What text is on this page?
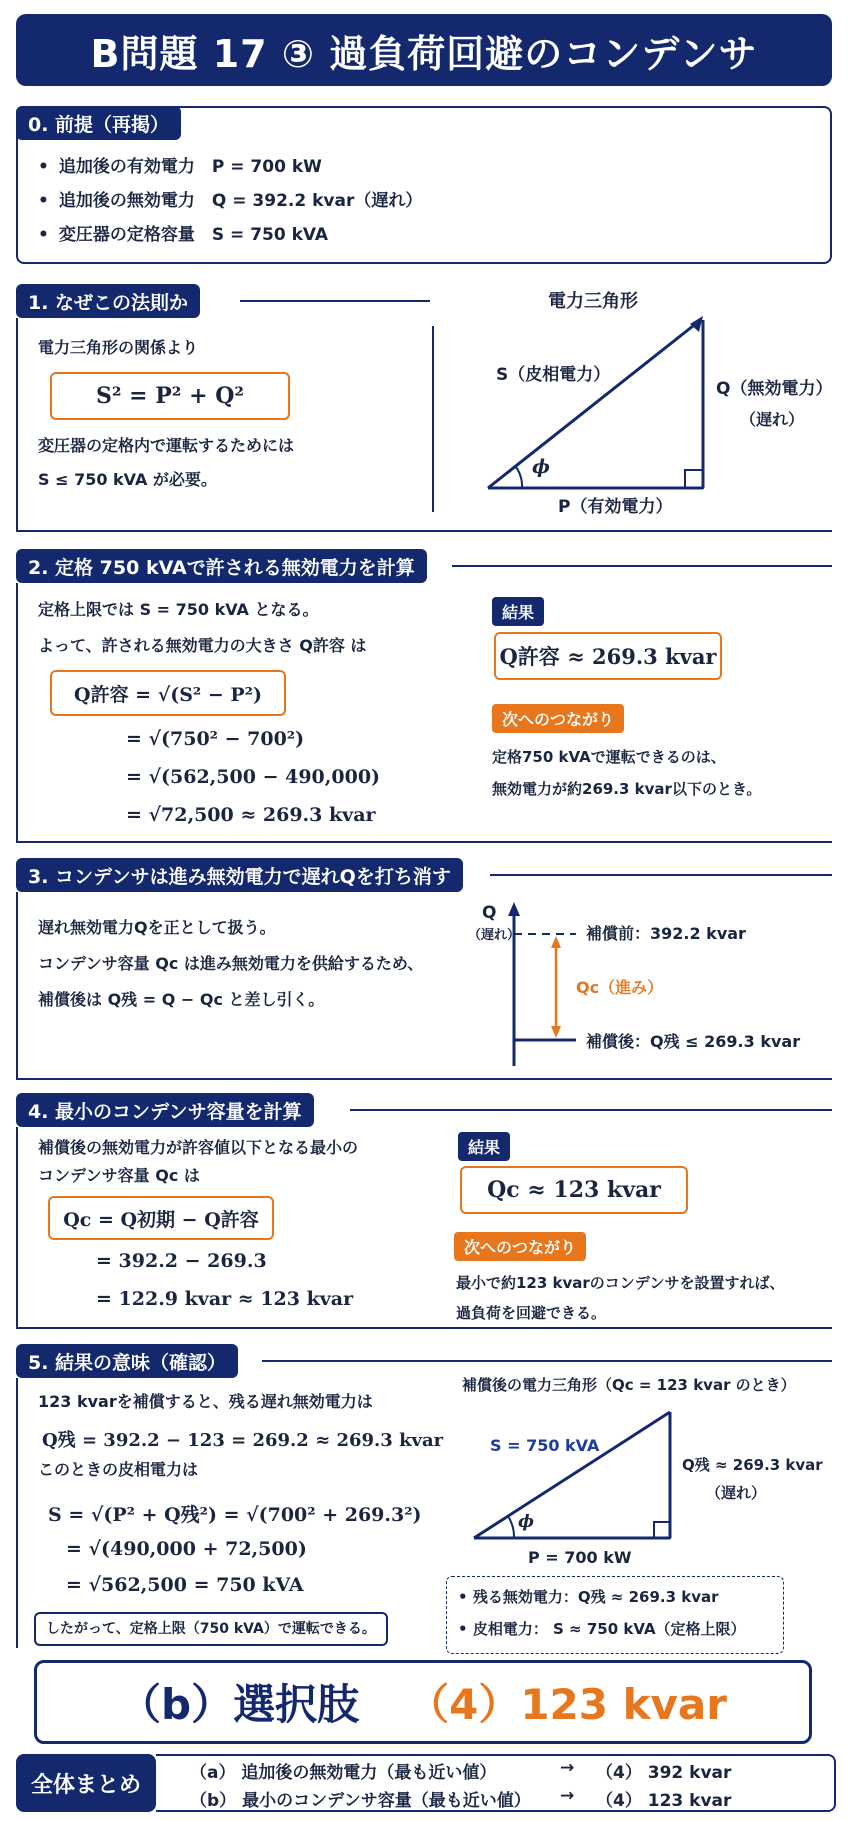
B問題 17 ③ 過負荷回避のコンデンサ
0. 前提（再掲）
• 追加後の有効電力　P = 700 kW
• 追加後の無効電力　Q = 392.2 kvar（遅れ）
• 変圧器の定格容量　S = 750 kVA
1. なぜこの法則か
電力三角形の関係より
S² = P² + Q²
変圧器の定格内で運転するためには
S ≤ 750 kVA が必要。
電力三角形
ϕ
S（皮相電力）
Q（無効電力）
（遅れ）
P（有効電力）
2. 定格 750 kVAで許される無効電力を計算
定格上限では S = 750 kVA となる。
よって、許される無効電力の大きさ Q許容 は
Q許容 = √(S² − P²)
= √(750² − 700²)
= √(562,500 − 490,000)
= √72,500 ≈ 269.3 kvar
結果
Q許容 ≈ 269.3 kvar
次へのつながり
定格750 kVAで運転できるのは、
無効電力が約269.3 kvar以下のとき。
3. コンデンサは進み無効電力で遅れQを打ち消す
遅れ無効電力Qを正として扱う。
コンデンサ容量 Qc は進み無効電力を供給するため、
補償後は Q残 = Q − Qc と差し引く。
Q
（遅れ）	補償前：392.2 kvar
Qc（進み）
補償後：Q残 ≤ 269.3 kvar
4. 最小のコンデンサ容量を計算
補償後の無効電力が許容値以下となる最小の
コンデンサ容量 Qc は
Qc = Q初期 − Q許容
= 392.2 − 269.3
= 122.9 kvar ≈ 123 kvar
結果
Qc ≈ 123 kvar
次へのつながり
最小で約123 kvarのコンデンサを設置すれば、
過負荷を回避できる。
5. 結果の意味（確認）
123 kvarを補償すると、残る遅れ無効電力は
Q残 = 392.2 − 123 = 269.2 ≈ 269.3 kvar
このときの皮相電力は
S = √(P² + Q残²) = √(700² + 269.3²)
= √(490,000 + 72,500)
= √562,500 = 750 kVA
したがって、定格上限（750 kVA）で運転できる。
補償後の電力三角形（Qc = 123 kvar のとき）
ϕ
S = 750 kVA
Q残 ≈ 269.3 kvar
（遅れ）
P = 700 kW
• 残る無効電力：Q残 ≈ 269.3 kvar
• 皮相電力： S ≈ 750 kVA（定格上限）
（b）選択肢 （4）123 kvar
全体まとめ	（a） 追加後の無効電力（最も近い値）	→ （4） 392 kvar
（b） 最小のコンデンサ容量（最も近い値） → （4） 123 kvar
